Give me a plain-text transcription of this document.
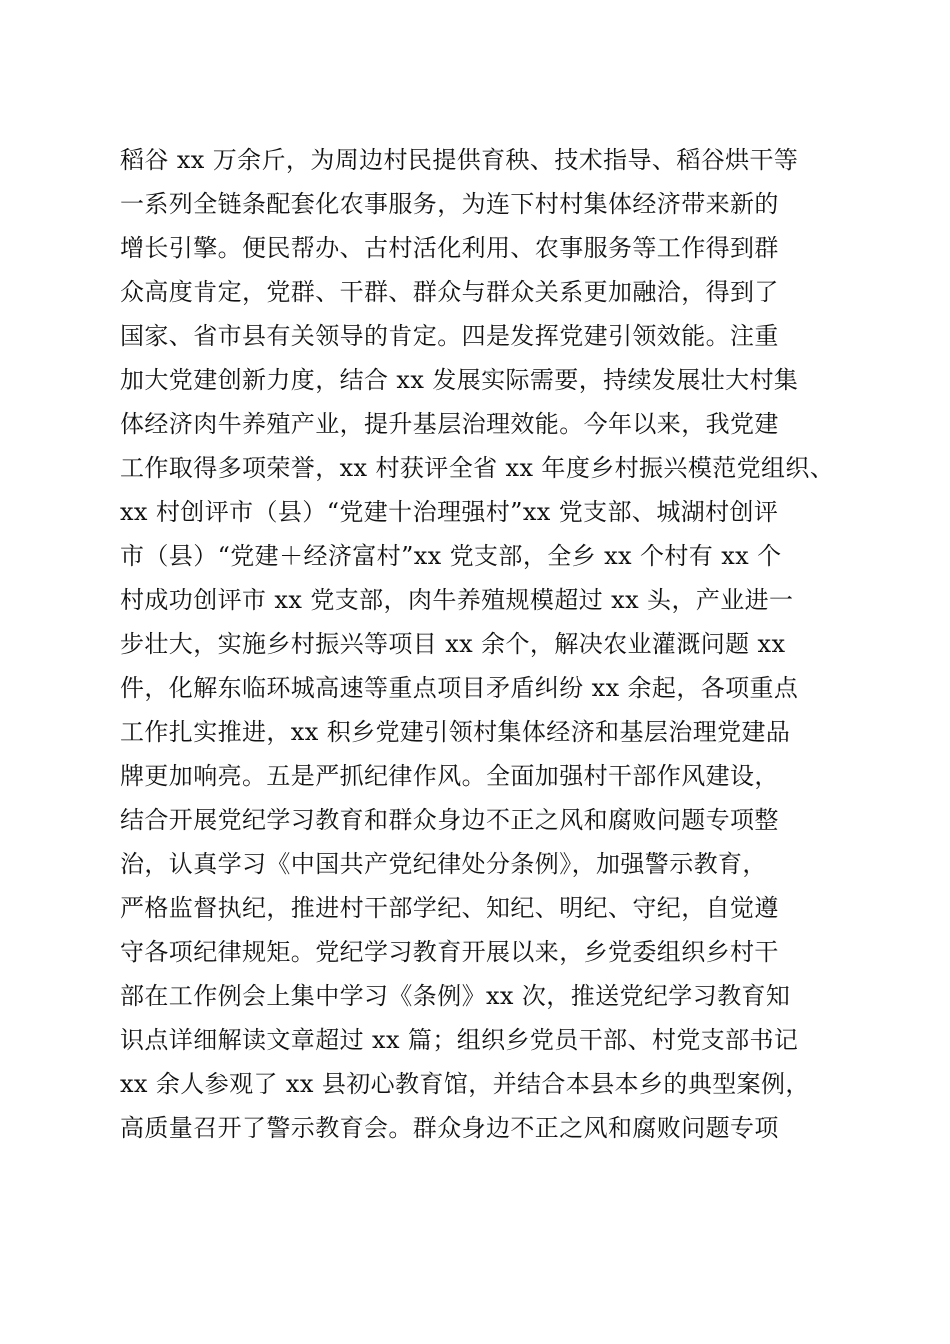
稻谷 xx 万余斤，为周边村民提供育秧、技术指导、稻谷烘干等
一系列全链条配套化农事服务，为连下村村集体经济带来新的
增长引擎。便民帮办、古村活化利用、农事服务等工作得到群
众高度肯定，党群、干群、群众与群众关系更加融洽，得到了
国家、省市县有关领导的肯定。四是发挥党建引领效能。注重
加大党建创新力度，结合 xx 发展实际需要，持续发展壮大村集
体经济肉牛养殖产业，提升基层治理效能。今年以来，我党建
工作取得多项荣誉，xx 村获评全省 xx 年度乡村振兴模范党组织、
xx 村创评市（县）“党建十治理强村”xx 党支部、城湖村创评
市（县）“党建＋经济富村”xx 党支部，全乡 xx 个村有 xx 个
村成功创评市 xx 党支部，肉牛养殖规模超过 xx 头，产业进一
步壮大，实施乡村振兴等项目 xx 余个，解决农业灌溉问题 xx
件，化解东临环城高速等重点项目矛盾纠纷 xx 余起，各项重点
工作扎实推进，xx 积乡党建引领村集体经济和基层治理党建品
牌更加响亮。五是严抓纪律作风。全面加强村干部作风建设，
结合开展党纪学习教育和群众身边不正之风和腐败问题专项整
治，认真学习《中国共产党纪律处分条例》，加强警示教育，
严格监督执纪，推进村干部学纪、知纪、明纪、守纪，自觉遵
守各项纪律规矩。党纪学习教育开展以来，乡党委组织乡村干
部在工作例会上集中学习《条例》xx 次，推送党纪学习教育知
识点详细解读文章超过 xx 篇；组织乡党员干部、村党支部书记
xx 余人参观了 xx 县初心教育馆，并结合本县本乡的典型案例，
高质量召开了警示教育会。群众身边不正之风和腐败问题专项
